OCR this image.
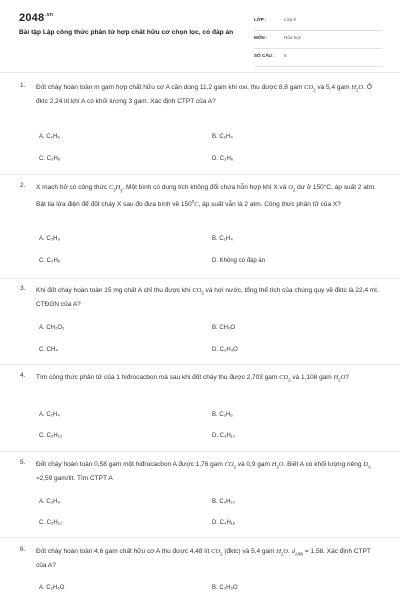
$2048^{.vn}$
Bài tập Lập công thức phân tử hợp chất hữu cơ chọn lọc, có đáp án
LỚP :	Lớp 9
MÔN :	Hóa học
SỐ CÂU : 8
1. Đốt cháy hoàn toàn m gam hợp chất hữu cơ A cần dùng 11,2 gam khí oxi, thu được 8,8 gam $CO_2$ và 5,4 gam $H_2O$. Ở đktc 2,24 lít khí A có khối lượng 3 gam. Xác định CTPT của A?
A. C₂H₆	B. C₂H₄
C. C₃H₈	D. C₃H₆
2. X mạch hở có công thức $C_3H_y$. Một bình có dung tích không đổi chứa hỗn hợp khí X và $O_2$ dư ở 150°C, áp suất 2 atm. Bật tia lửa điện để đốt cháy X sau đó đưa bình về $150^0C$, áp suất vẫn là 2 atm. Công thức phân tử của X?
A. C₃H₈	B. C₂H₄
C. C₃H₆	D. Không có đáp án
3. Khi đốt cháy hoàn toàn 15 mg chất A chỉ thu được khí $CO_2$ và hơi nước, tổng thể tích của chúng quy về đktc là 22,4 ml. CTĐGN của A?
A. CH₂O₂	B. CH₂O
C. CH₄	D. C₂H₄O
4. Tìm công thức phân tử của 1 hiđrocacbon mà sau khi đốt cháy thu được 2,703 gam $CO_2$ và 1,108 gam $H_2O$?
A. C₂H₄	B. C₂H₆
C. C₅H₁₂	D. C₄H₁₀
5. Đốt cháy hoàn toàn 0,58 gam một hiđrocacbon A được 1,76 gam $CO_2$ và 0,9 gam $H_2O$. Biết A có khối lượng riêng $D_A \approx 2,59$ gam/lít. Tìm CTPT A
A. C₃H₆	B. C₄H₁₀
C. C₅H₁₂	D. C₄H₁₆
6. Đốt cháy hoàn toàn 4,6 gam chất hữu cơ A thu được 4,48 lít $CO_2$ (đktc) và 5,4 gam $H_2O$. $d_{A/kk} = 1,58$. Xác định CTPT của A?
A. C₂H₆O	B. C₃H₆O
